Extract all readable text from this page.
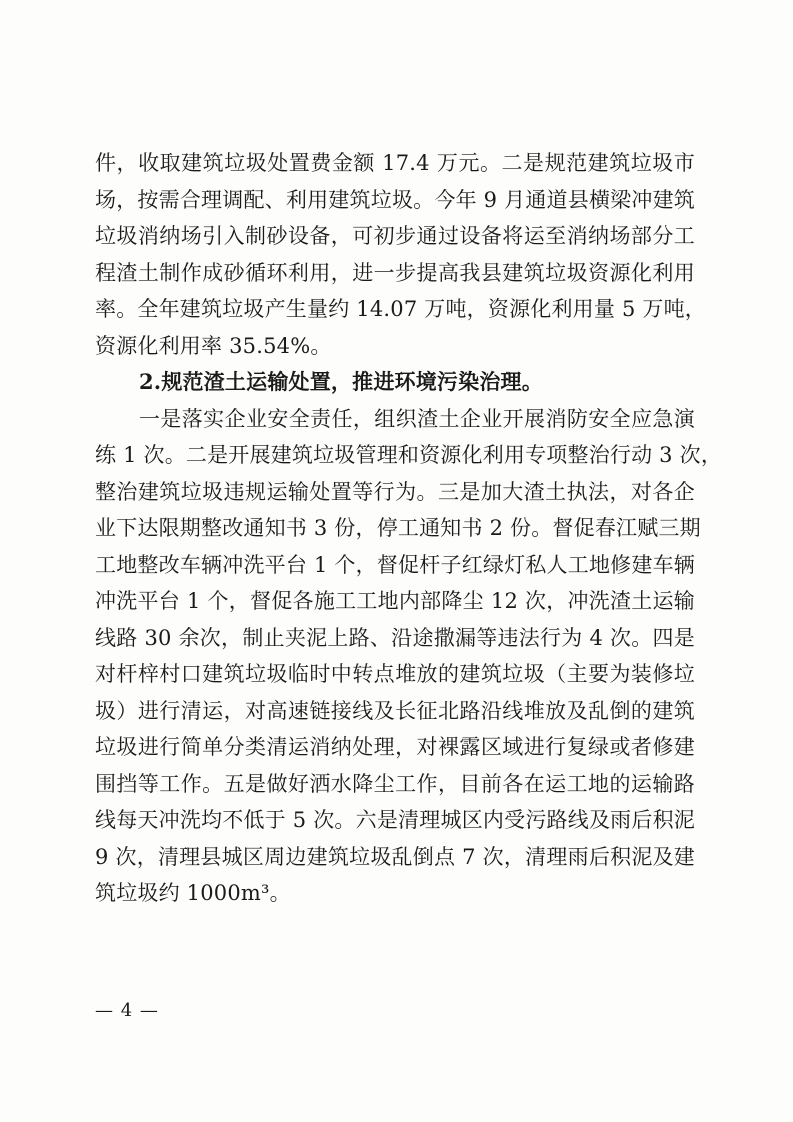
件，收取建筑垃圾处置费金额 17.4 万元。二是规范建筑垃圾市
场，按需合理调配、利用建筑垃圾。今年 9 月通道县横梁冲建筑
垃圾消纳场引入制砂设备，可初步通过设备将运至消纳场部分工
程渣土制作成砂循环利用，进一步提高我县建筑垃圾资源化利用
率。全年建筑垃圾产生量约 14.07 万吨，资源化利用量 5 万吨，
资源化利用率 35.54%。
2.规范渣土运输处置，推进环境污染治理。
一是落实企业安全责任，组织渣土企业开展消防安全应急演
练 1 次。二是开展建筑垃圾管理和资源化利用专项整治行动 3 次，
整治建筑垃圾违规运输处置等行为。三是加大渣土执法，对各企
业下达限期整改通知书 3 份，停工通知书 2 份。督促春江赋三期
工地整改车辆冲洗平台 1 个，督促杆子红绿灯私人工地修建车辆
冲洗平台 1 个，督促各施工工地内部降尘 12 次，冲洗渣土运输
线路 30 余次，制止夹泥上路、沿途撒漏等违法行为 4 次。四是
对杆梓村口建筑垃圾临时中转点堆放的建筑垃圾（主要为装修垃
圾）进行清运，对高速链接线及长征北路沿线堆放及乱倒的建筑
垃圾进行简单分类清运消纳处理，对裸露区域进行复绿或者修建
围挡等工作。五是做好洒水降尘工作，目前各在运工地的运输路
线每天冲洗均不低于 5 次。六是清理城区内受污路线及雨后积泥
9 次，清理县城区周边建筑垃圾乱倒点 7 次，清理雨后积泥及建
筑垃圾约 1000m³。
— 4 —
